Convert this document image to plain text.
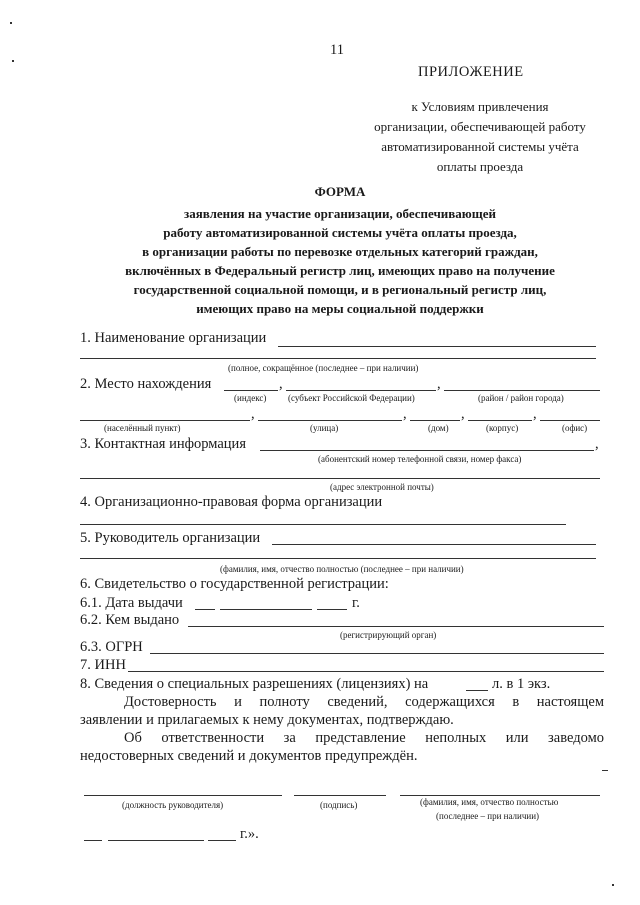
11
ПРИЛОЖЕНИЕ
к Условиям привлечения
организации, обеспечивающей работу
автоматизированной системы учёта
оплаты проезда
ФОРМА
заявления на участие организации, обеспечивающей
работу автоматизированной системы учёта оплаты проезда,
в организации работы по перевозке отдельных категорий граждан,
включённых в Федеральный регистр лиц, имеющих право на получение
государственной социальной помощи, и в региональный регистр лиц,
имеющих право на меры социальной поддержки
1. Наименование организации
(полное, сокращённое (последнее – при наличии)
2. Место нахождения	,	,
(индекс) (субъект Российской Федерации)	(район / район города)
,	,	,	,
(населённый пункт)	(улица)	(дом)	(корпус)	(офис)
3. Контактная информация	,
(абонентский номер телефонной связи, номер факса)
(адрес электронной почты)
4. Организационно-правовая форма организации
5. Руководитель организации
(фамилия, имя, отчество полностью (последнее – при наличии)
6. Свидетельство о государственной регистрации:
6.1. Дата выдачи	г.
6.2. Кем выдано
(регистрирующий орган)
6.3. ОГРН
7. ИНН
8. Сведения о специальных разрешениях (лицензиях) на	л. в 1 экз.
Достоверность и полноту сведений, содержащихся в настоящем
заявлении и прилагаемых к нему документах, подтверждаю.
Об ответственности за представление неполных или заведомо
недостоверных сведений и документов предупреждён.
(должность руководителя)	(подпись)	(фамилия, имя, отчество полностью
(последнее – при наличии)
г.».
